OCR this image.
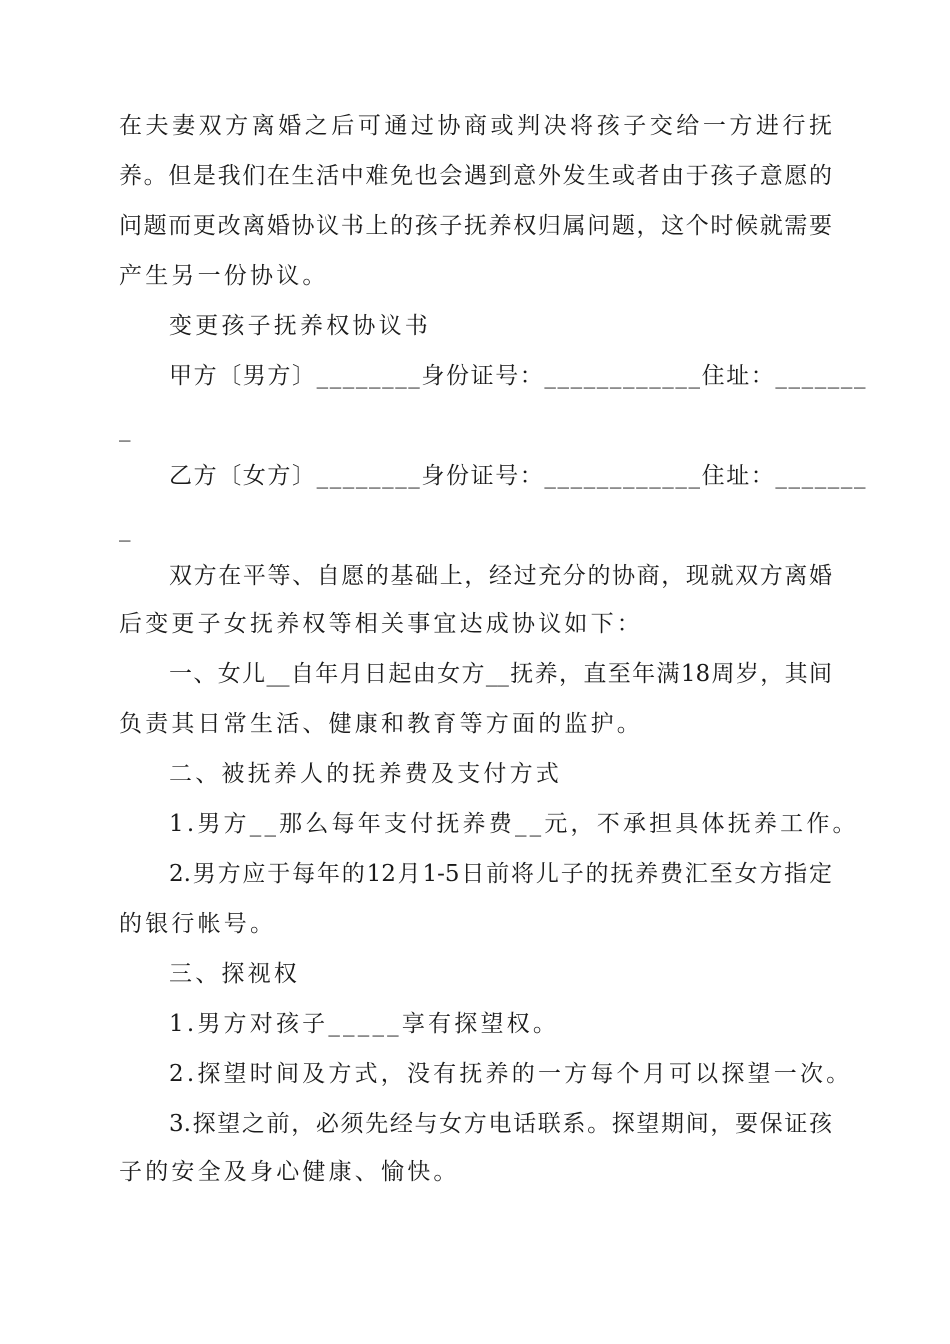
在夫妻双方离婚之后可通过协商或判决将孩子交给一方进行抚
养。但是我们在生活中难免也会遇到意外发生或者由于孩子意愿的
问题而更改离婚协议书上的孩子抚养权归属问题，这个时候就需要
产生另一份协议。
变更孩子抚养权协议书
甲方〔男方〕________身份证号：____________住址：_______
_
乙方〔女方〕________身份证号：____________住址：_______
_
双方在平等、自愿的基础上，经过充分的协商，现就双方离婚
后变更子女抚养权等相关事宜达成协议如下：
一、女儿__自年月日起由女方__抚养，直至年满18周岁，其间
负责其日常生活、健康和教育等方面的监护。
二、被抚养人的抚养费及支付方式
1.男方__那么每年支付抚养费__元，不承担具体抚养工作。
2.男方应于每年的12月1-5日前将儿子的抚养费汇至女方指定
的银行帐号。
三、探视权
1.男方对孩子_____享有探望权。
2.探望时间及方式，没有抚养的一方每个月可以探望一次。
3.探望之前，必须先经与女方电话联系。探望期间，要保证孩
子的安全及身心健康、愉快。
